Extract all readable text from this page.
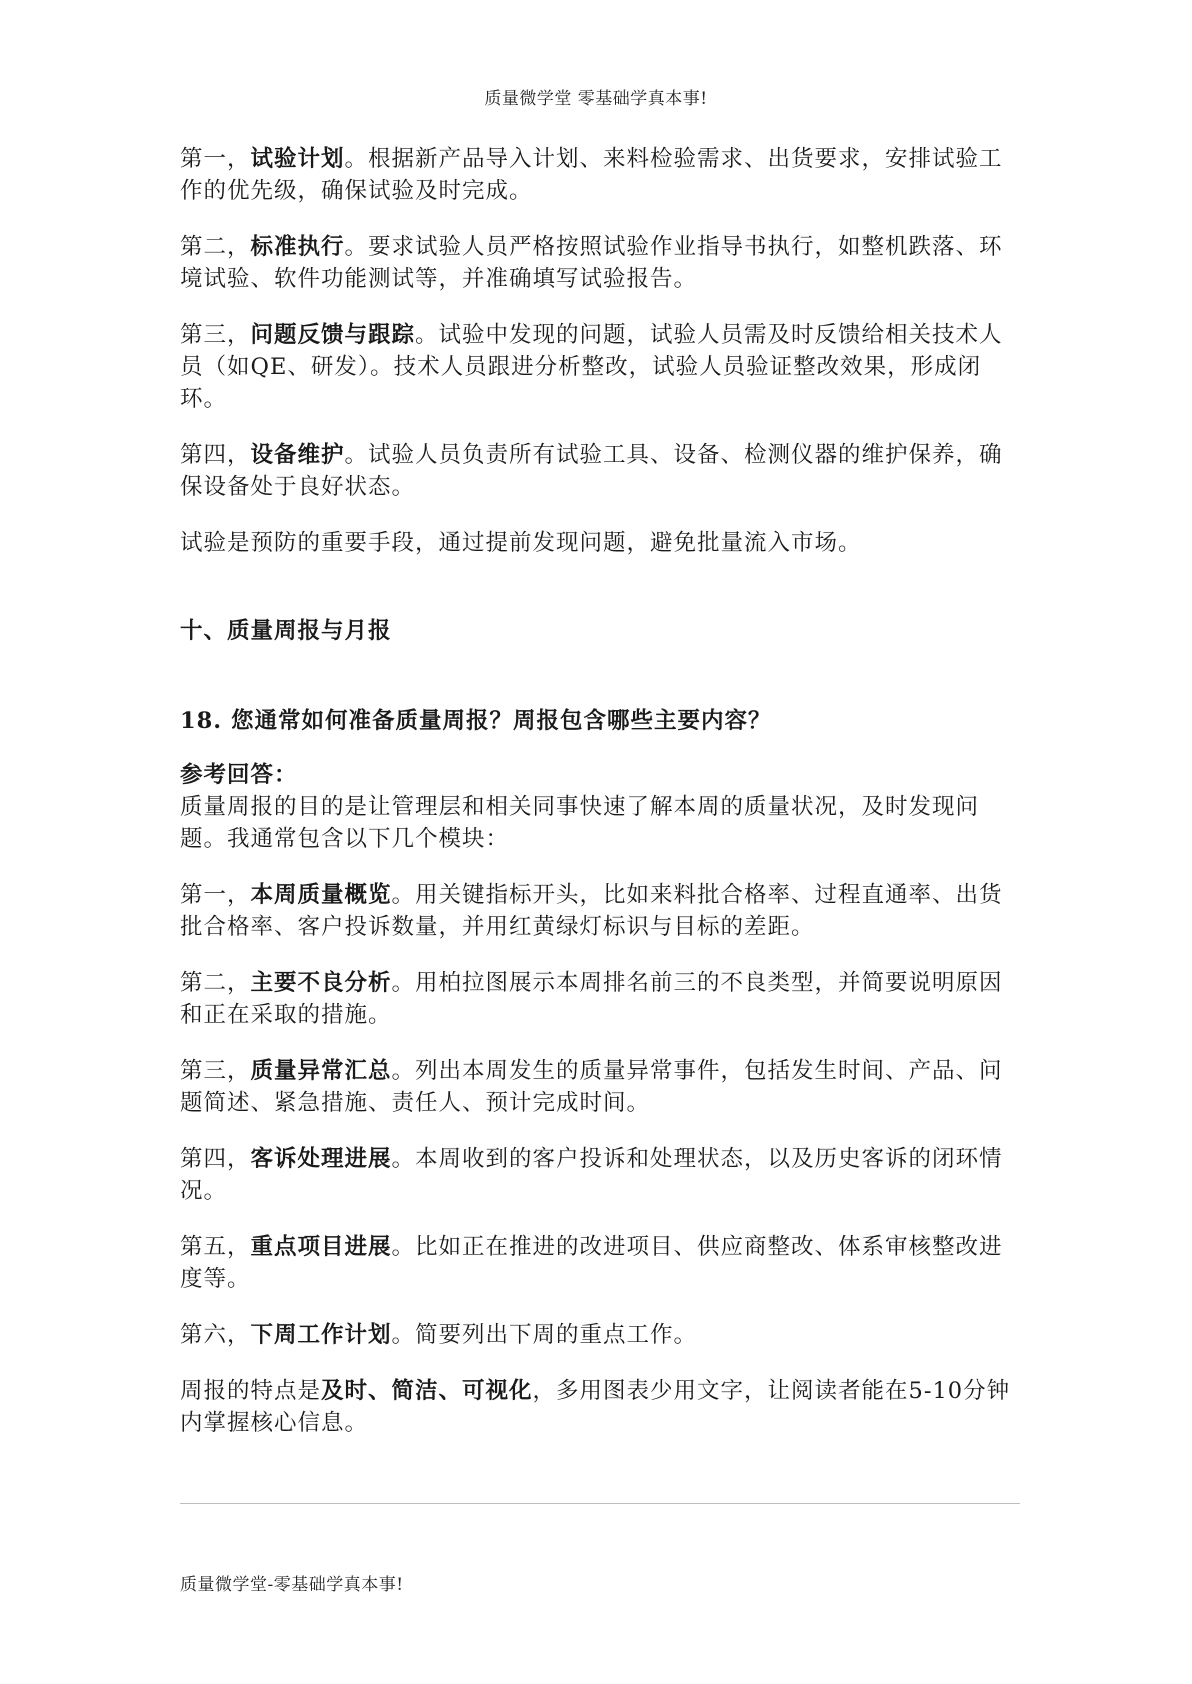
质量微学堂 零基础学真本事!

第一，试验计划。根据新产品导入计划、来料检验需求、出货要求，安排试验工作的优先级，确保试验及时完成。

第二，标准执行。要求试验人员严格按照试验作业指导书执行，如整机跌落、环境试验、软件功能测试等，并准确填写试验报告。

第三，问题反馈与跟踪。试验中发现的问题，试验人员需及时反馈给相关技术人员（如QE、研发）。技术人员跟进分析整改，试验人员验证整改效果，形成闭环。

第四，设备维护。试验人员负责所有试验工具、设备、检测仪器的维护保养，确保设备处于良好状态。

试验是预防的重要手段，通过提前发现问题，避免批量流入市场。

十、质量周报与月报
18. 您通常如何准备质量周报？周报包含哪些主要内容？
参考回答：

质量周报的目的是让管理层和相关同事快速了解本周的质量状况，及时发现问题。我通常包含以下几个模块：

第一，本周质量概览。用关键指标开头，比如来料批合格率、过程直通率、出货批合格率、客户投诉数量，并用红黄绿灯标识与目标的差距。

第二，主要不良分析。用柏拉图展示本周排名前三的不良类型，并简要说明原因和正在采取的措施。

第三，质量异常汇总。列出本周发生的质量异常事件，包括发生时间、产品、问题简述、紧急措施、责任人、预计完成时间。

第四，客诉处理进展。本周收到的客户投诉和处理状态，以及历史客诉的闭环情况。

第五，重点项目进展。比如正在推进的改进项目、供应商整改、体系审核整改进度等。

第六，下周工作计划。简要列出下周的重点工作。

周报的特点是及时、简洁、可视化，多用图表少用文字，让阅读者能在5-10分钟内掌握核心信息。

质量微学堂-零基础学真本事!
